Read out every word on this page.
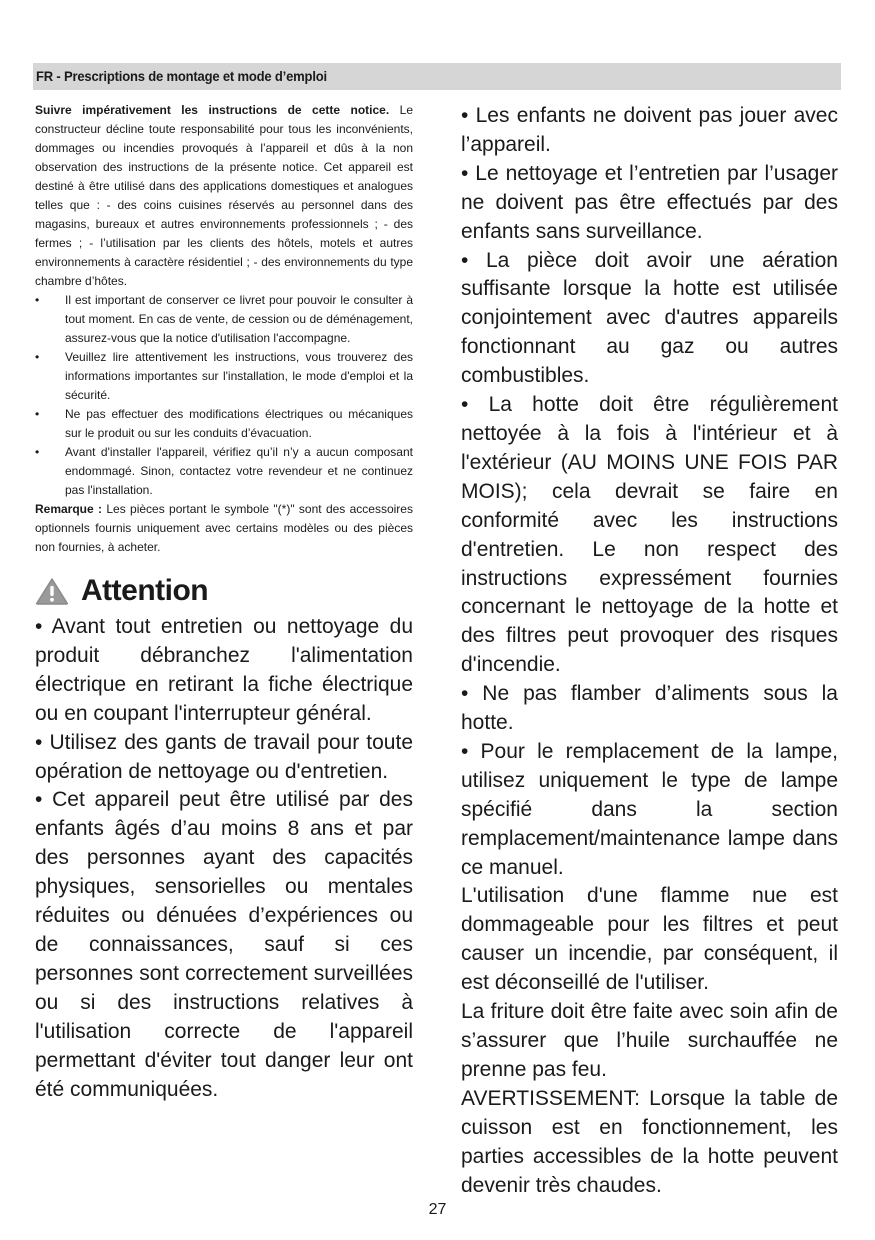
FR - Prescriptions de montage et mode d’emploi

Suivre impérativement les instructions de cette notice. Le constructeur décline toute responsabilité pour tous les inconvénients, dommages ou incendies provoqués à l’appareil et dûs à la non observation des instructions de la présente notice. Cet appareil est destiné à être utilisé dans des applications domestiques et analogues telles que : - des coins cuisines réservés au personnel dans des magasins, bureaux et autres environnements professionnels ; - des fermes ; - l’utilisation par les clients des hôtels, motels et autres environnements à caractère résidentiel ; - des environnements du type chambre d’hôtes.

• Il est important de conserver ce livret pour pouvoir le consulter à tout moment. En cas de vente, de cession ou de déménagement, assurez-vous que la notice d'utilisation l'accompagne.
• Veuillez lire attentivement les instructions, vous trouverez des informations importantes sur l'installation, le mode d'emploi et la sécurité.
• Ne pas effectuer des modifications électriques ou mécaniques sur le produit ou sur les conduits d’évacuation.
• Avant d'installer l'appareil, vérifiez qu’il n’y a aucun composant endommagé. Sinon, contactez votre revendeur et ne continuez pas l'installation.

Remarque : Les pièces portant le symbole "(*)" sont des accessoires optionnels fournis uniquement avec certains modèles ou des pièces non fournies, à acheter.

Attention

• Avant tout entretien ou nettoyage du produit débranchez l'alimentation électrique en retirant la fiche électrique ou en coupant l'interrupteur général.

• Utilisez des gants de travail pour toute opération de nettoyage ou d'entretien.

• Cet appareil peut être utilisé par des enfants âgés d’au moins 8 ans et par des personnes ayant des capacités physiques, sensorielles ou mentales réduites ou dénuées d’expériences ou de connaissances, sauf si ces personnes sont correctement surveillées ou si des instructions relatives à l'utilisation correcte de l'appareil permettant d'éviter tout danger leur ont été communiquées.

• Les enfants ne doivent pas jouer avec l’appareil.

• Le nettoyage et l’entretien par l’usager ne doivent pas être effectués par des enfants sans surveillance.

• La pièce doit avoir une aération suffisante lorsque la hotte est utilisée conjointement avec d'autres appareils fonctionnant au gaz ou autres combustibles.

• La hotte doit être régulièrement nettoyée à la fois à l'intérieur et à l'extérieur (AU MOINS UNE FOIS PAR MOIS); cela devrait se faire en conformité avec les instructions d'entretien. Le non respect des instructions expressément fournies concernant le nettoyage de la hotte et des filtres peut provoquer des risques d'incendie.

• Ne pas flamber d’aliments sous la hotte.

• Pour le remplacement de la lampe, utilisez uniquement le type de lampe spécifié dans la section remplacement/maintenance lampe dans ce manuel.

L'utilisation d'une flamme nue est dommageable pour les filtres et peut causer un incendie, par conséquent, il est déconseillé de l'utiliser.

La friture doit être faite avec soin afin de s’assurer que l’huile surchauffée ne prenne pas feu.

AVERTISSEMENT: Lorsque la table de cuisson est en fonctionnement, les parties accessibles de la hotte peuvent devenir très chaudes.

27
